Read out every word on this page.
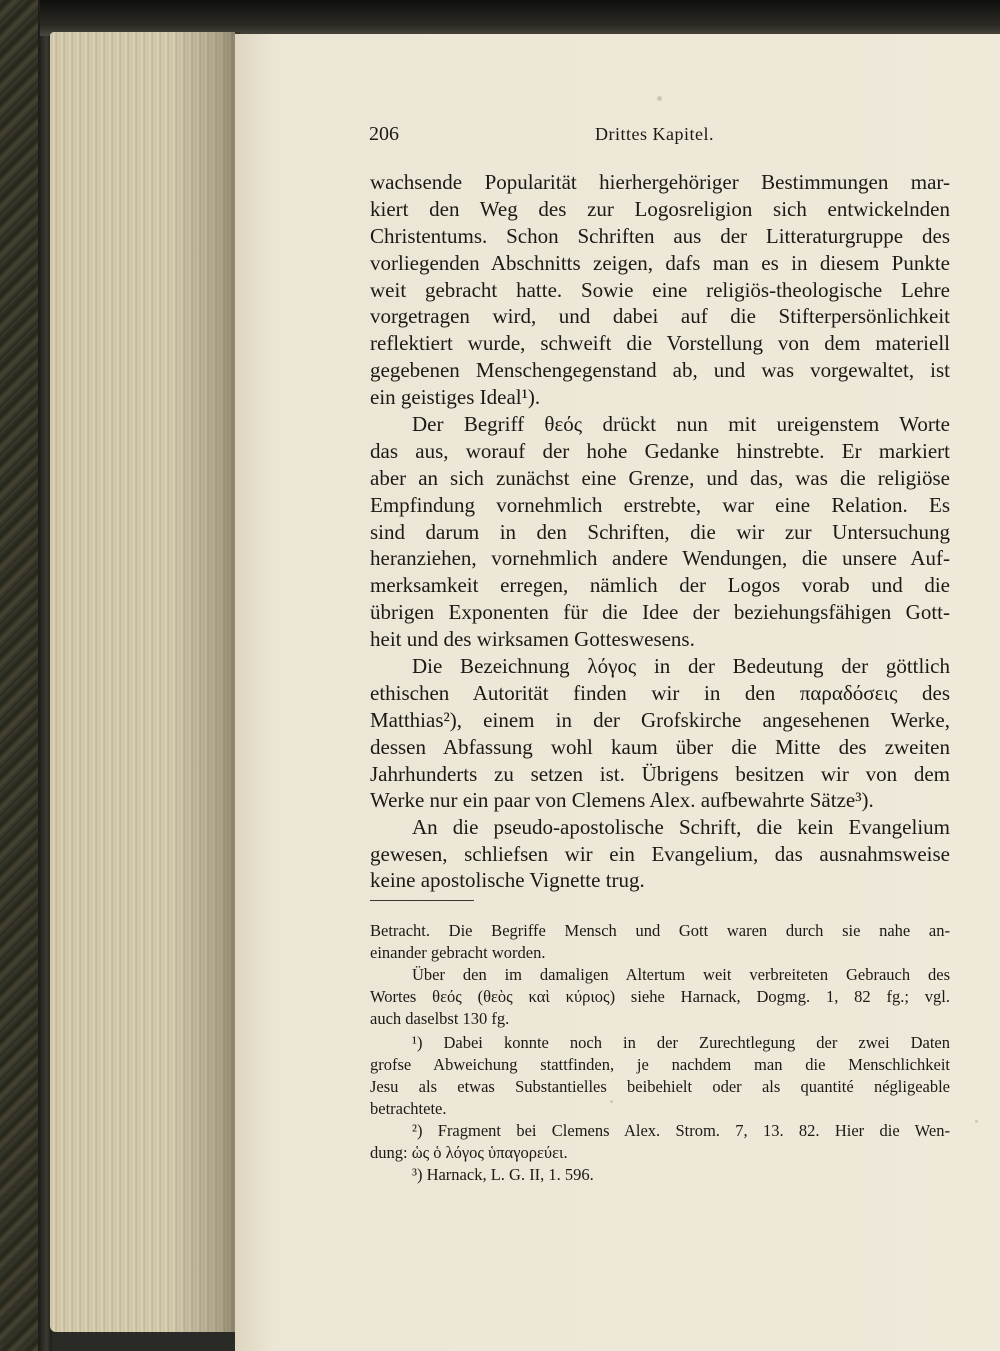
206	Drittes Kapitel.
wachsende Popularität hierhergehöriger Bestimmungen mar-
kiert den Weg des zur Logosreligion sich entwickelnden
Christentums. Schon Schriften aus der Litteraturgruppe des
vorliegenden Abschnitts zeigen, dafs man es in diesem Punkte
weit gebracht hatte. Sowie eine religiös-theologische Lehre
vorgetragen wird, und dabei auf die Stifterpersönlichkeit
reflektiert wurde, schweift die Vorstellung von dem materiell
gegebenen Menschengegenstand ab, und was vorgewaltet, ist
ein geistiges Ideal¹).
Der Begriff θεός drückt nun mit ureigenstem Worte
das aus, worauf der hohe Gedanke hinstrebte. Er markiert
aber an sich zunächst eine Grenze, und das, was die religiöse
Empfindung vornehmlich erstrebte, war eine Relation. Es
sind darum in den Schriften, die wir zur Untersuchung
heranziehen, vornehmlich andere Wendungen, die unsere Auf-
merksamkeit erregen, nämlich der Logos vorab und die
übrigen Exponenten für die Idee der beziehungsfähigen Gott-
heit und des wirksamen Gotteswesens.
Die Bezeichnung λόγος in der Bedeutung der göttlich
ethischen Autorität finden wir in den παραδόσεις des
Matthias²), einem in der Grofskirche angesehenen Werke,
dessen Abfassung wohl kaum über die Mitte des zweiten
Jahrhunderts zu setzen ist. Übrigens besitzen wir von dem
Werke nur ein paar von Clemens Alex. aufbewahrte Sätze³).
An die pseudo-apostolische Schrift, die kein Evangelium
gewesen, schliefsen wir ein Evangelium, das ausnahmsweise
keine apostolische Vignette trug.
Betracht. Die Begriffe Mensch und Gott waren durch sie nahe an-
einander gebracht worden.
Über den im damaligen Altertum weit verbreiteten Gebrauch des
Wortes θεός (θεὸς καὶ κύριος) siehe Harnack, Dogmg. 1, 82 fg.; vgl.
auch daselbst 130 fg.
¹) Dabei konnte noch in der Zurechtlegung der zwei Daten
grofse Abweichung stattfinden, je nachdem man die Menschlichkeit
Jesu als etwas Substantielles beibehielt oder als quantité négligeable
betrachtete.
²) Fragment bei Clemens Alex. Strom. 7, 13. 82. Hier die Wen-
dung: ὡς ὁ λόγος ὑπαγορεύει.
³) Harnack, L. G. II, 1. 596.
